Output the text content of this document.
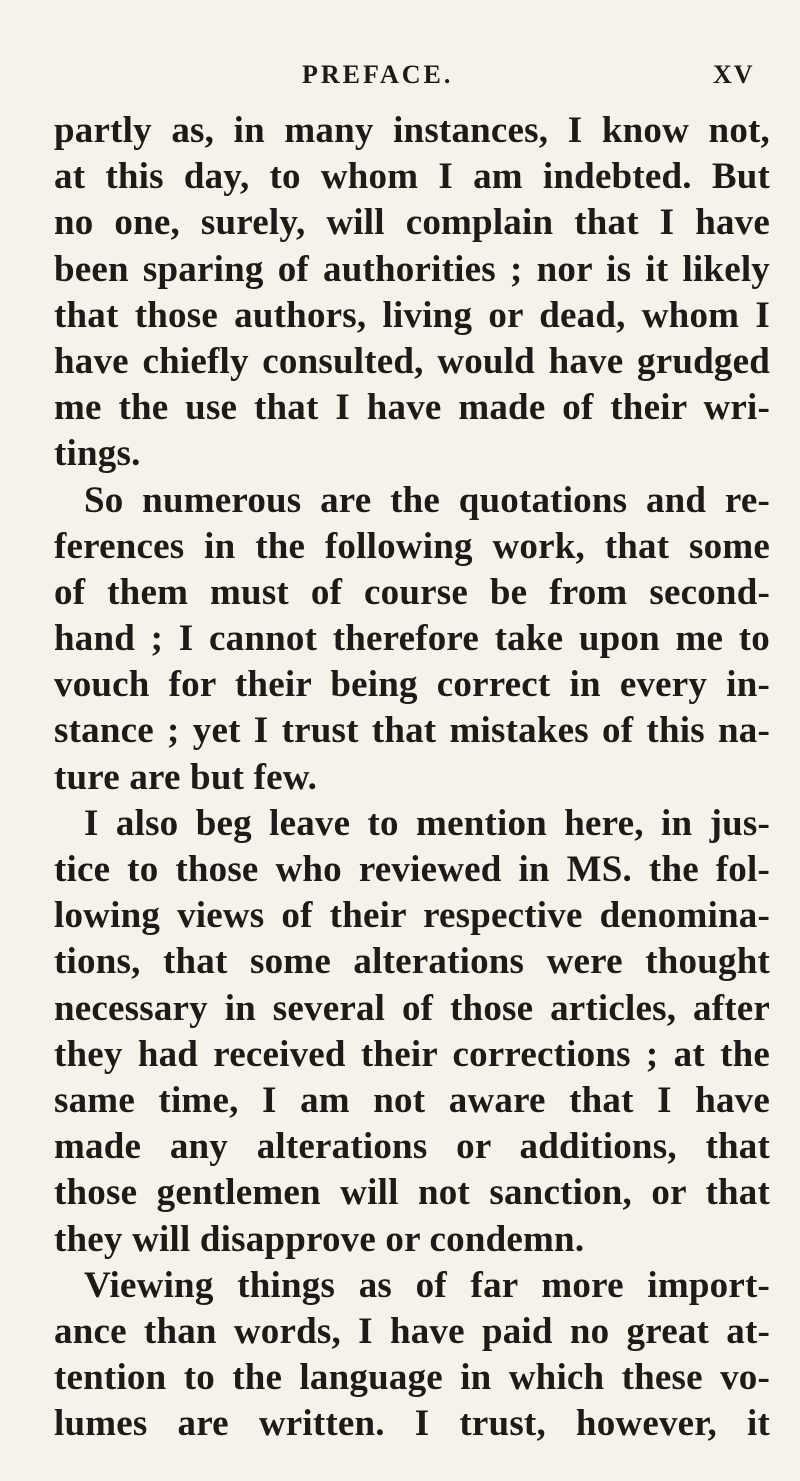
PREFACE.	XV
partly as, in many instances, I know not,
at this day, to whom I am indebted. But
no one, surely, will complain that I have
been sparing of authorities ; nor is it likely
that those authors, living or dead, whom I
have chiefly consulted, would have grudged
me the use that I have made of their wri-
tings.
So numerous are the quotations and re-
ferences in the following work, that some
of them must of course be from second-
hand ; I cannot therefore take upon me to
vouch for their being correct in every in-
stance ; yet I trust that mistakes of this na-
ture are but few.
I also beg leave to mention here, in jus-
tice to those who reviewed in MS. the fol-
lowing views of their respective denomina-
tions, that some alterations were thought
necessary in several of those articles, after
they had received their corrections ; at the
same time, I am not aware that I have
made any alterations or additions, that
those gentlemen will not sanction, or that
they will disapprove or condemn.
Viewing things as of far more import-
ance than words, I have paid no great at-
tention to the language in which these vo-
lumes are written. I trust, however, it
